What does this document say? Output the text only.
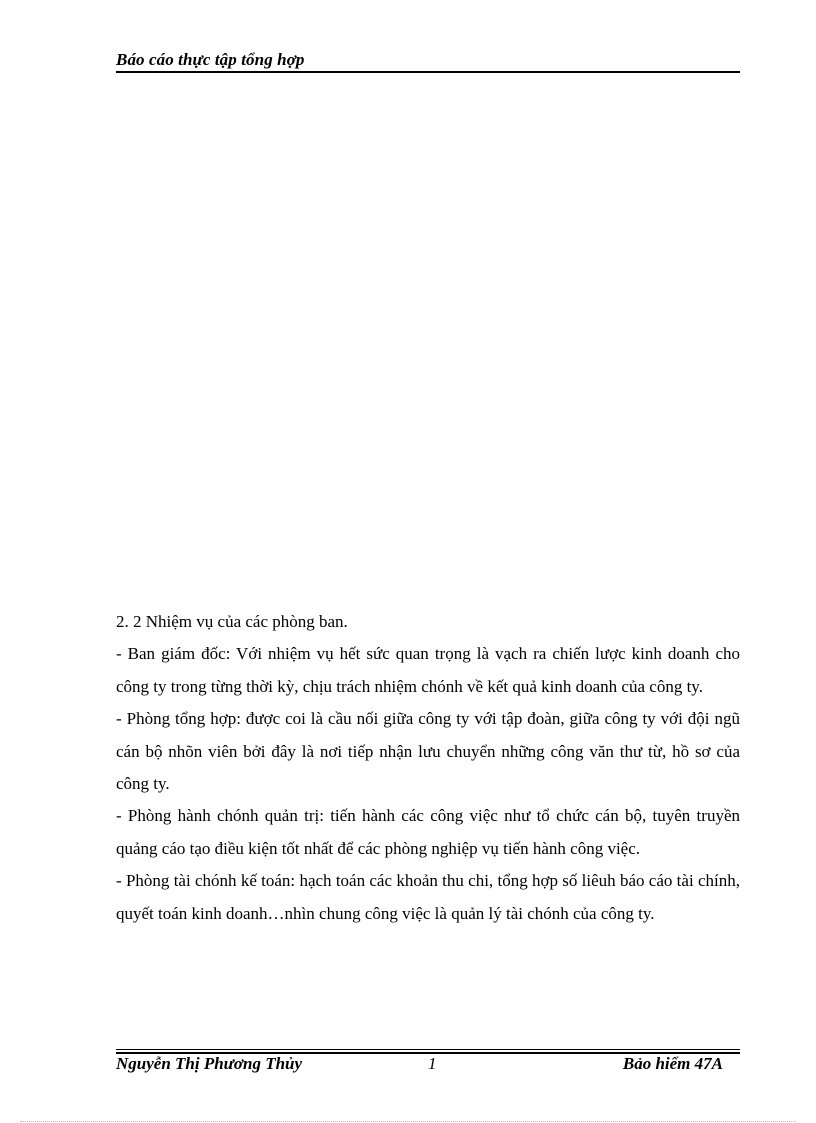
Báo cáo thực tập tổng hợp

2. 2 Nhiệm vụ của các phòng ban.

- Ban giám đốc: Với nhiệm vụ hết sức quan trọng là vạch ra chiến lược kinh doanh cho công ty trong từng thời kỳ, chịu trách nhiệm chónh về kết quả kinh doanh của công ty.

- Phòng tổng hợp: được coi là cầu nối giữa công ty với tập đoàn, giữa công ty với đội ngũ cán bộ nhõn viên bởi đây là nơi tiếp nhận lưu chuyển những công văn thư từ, hồ sơ của công ty.

- Phòng hành chónh quản trị: tiến hành các công việc như tổ chức cán bộ, tuyên truyền quảng cáo tạo điều kiện tốt nhất để các phòng nghiệp vụ tiến hành công việc.

- Phòng tài chónh kế toán: hạch toán các khoản thu chi, tổng hợp số liêuh báo cáo tài chính, quyết toán kinh doanh…nhìn chung công việc là quản lý tài chónh của công ty.

Nguyễn Thị Phương Thủy	1	Bảo hiểm 47A
